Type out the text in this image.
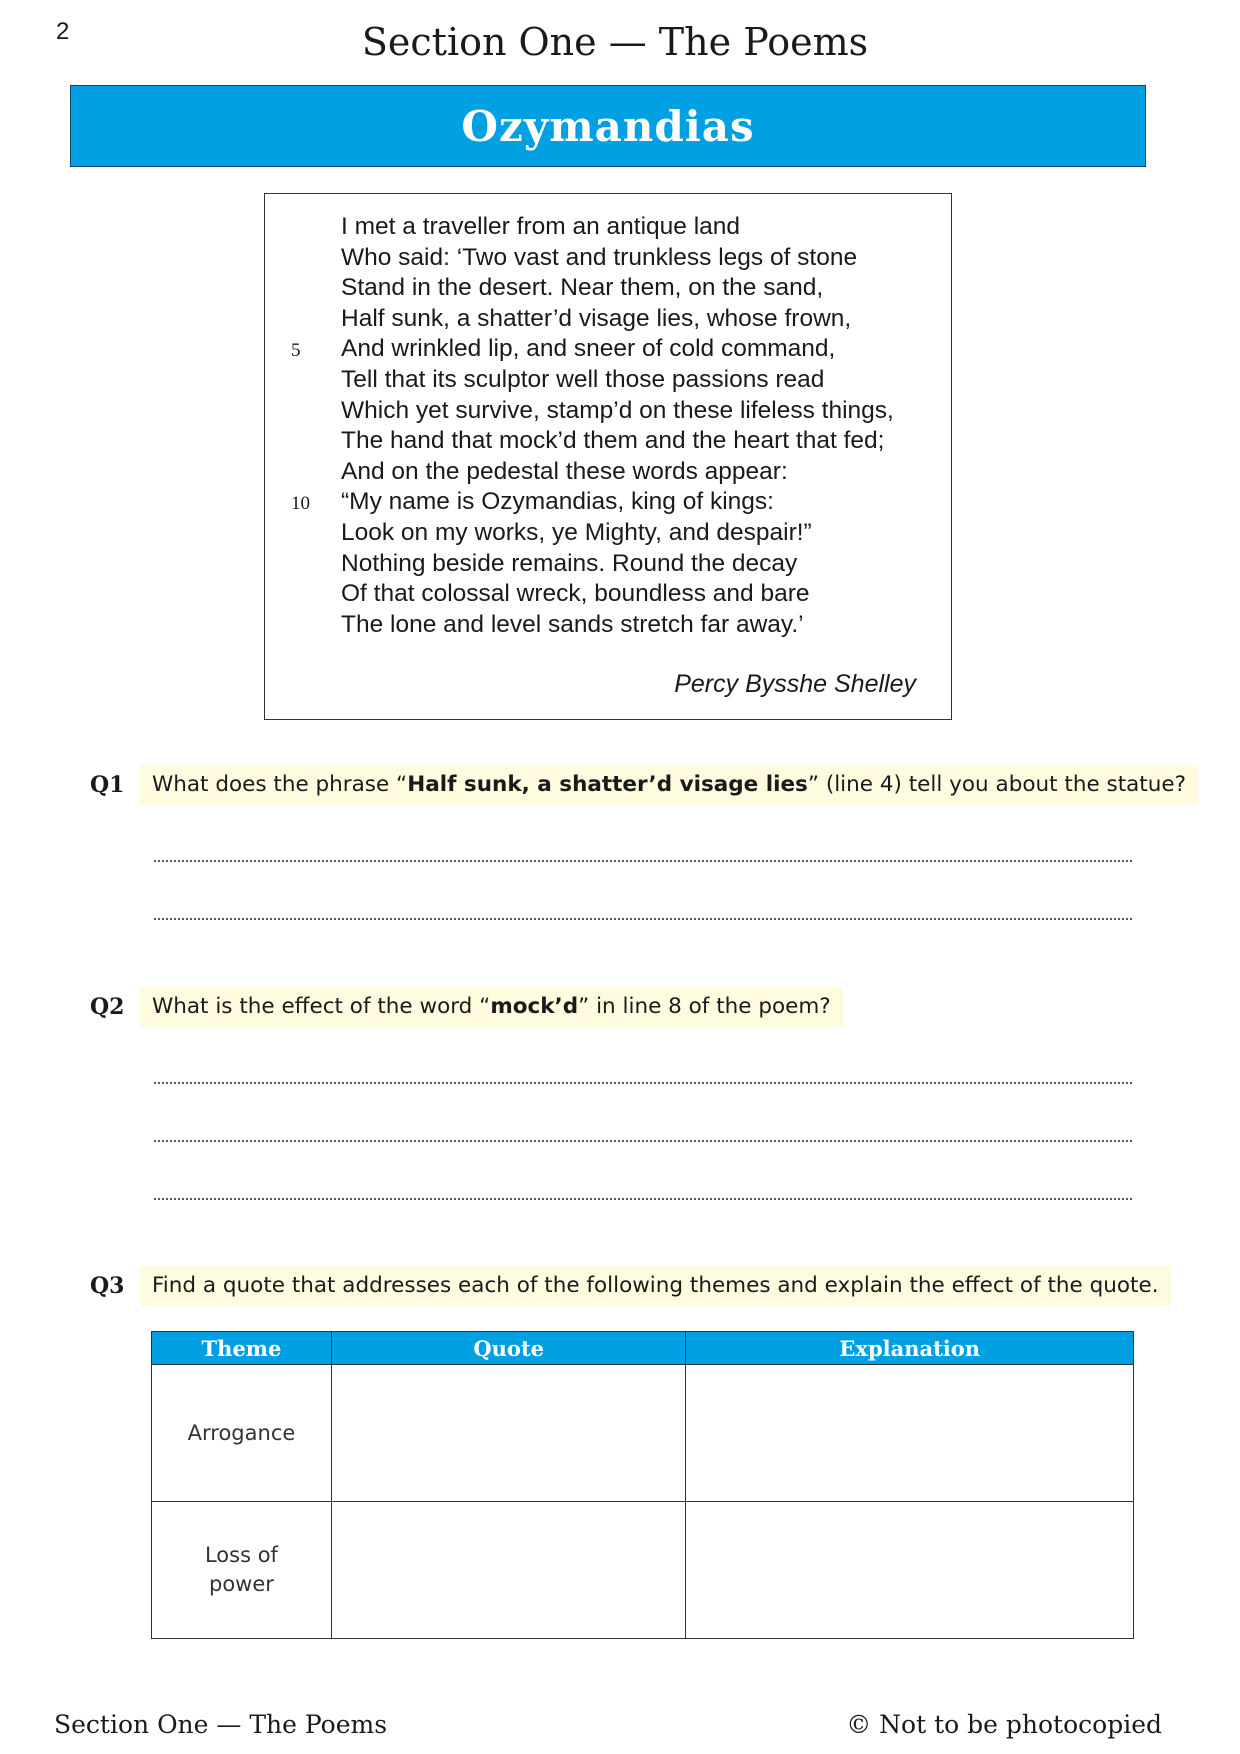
2	Section One — The Poems
Ozymandias
I met a traveller from an antique land
Who said: ‘Two vast and trunkless legs of stone
Stand in the desert. Near them, on the sand,
Half sunk, a shatter’d visage lies, whose frown,
5 And wrinkled lip, and sneer of cold command,
Tell that its sculptor well those passions read
Which yet survive, stamp’d on these lifeless things,
The hand that mock’d them and the heart that fed;
And on the pedestal these words appear:
10 “My name is Ozymandias, king of kings:
Look on my works, ye Mighty, and despair!”
Nothing beside remains. Round the decay
Of that colossal wreck, boundless and bare
The lone and level sands stretch far away.’
Percy Bysshe Shelley
Q1	What does the phrase “Half sunk, a shatter’d visage lies” (line 4) tell you about the statue?
Q2	What is the effect of the word “mock’d” in line 8 of the poem?
Q3	Find a quote that addresses each of the following themes and explain the effect of the quote.
Theme	Quote	Explanation
Arrogance		
Loss of
power		
Section One — The Poems	© Not to be photocopied
